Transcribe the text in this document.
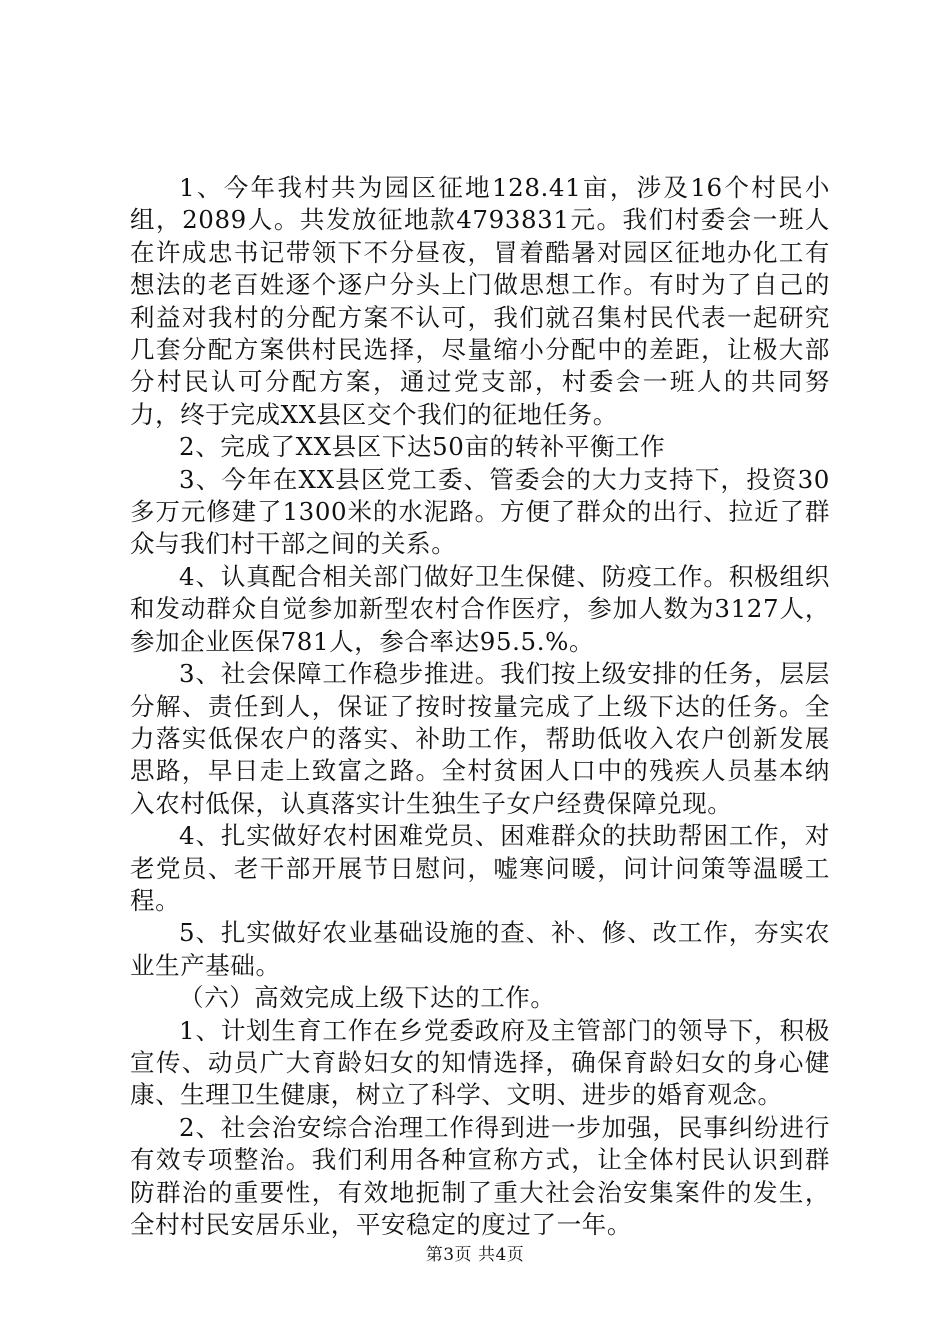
1、今年我村共为园区征地128.41亩，涉及16个村民小组，2089人。共发放征地款4793831元。我们村委会一班人在许成忠书记带领下不分昼夜，冒着酷暑对园区征地办化工有想法的老百姓逐个逐户分头上门做思想工作。有时为了自己的利益对我村的分配方案不认可，我们就召集村民代表一起研究几套分配方案供村民选择，尽量缩小分配中的差距，让极大部分村民认可分配方案，通过党支部，村委会一班人的共同努力，终于完成XX县区交个我们的征地任务。

2、完成了XX县区下达50亩的转补平衡工作

3、今年在XX县区党工委、管委会的大力支持下，投资30多万元修建了1300米的水泥路。方便了群众的出行、拉近了群众与我们村干部之间的关系。

4、认真配合相关部门做好卫生保健、防疫工作。积极组织和发动群众自觉参加新型农村合作医疗，参加人数为3127人，参加企业医保781人，参合率达95.5.%。

3、社会保障工作稳步推进。我们按上级安排的任务，层层分解、责任到人，保证了按时按量完成了上级下达的任务。全力落实低保农户的落实、补助工作，帮助低收入农户创新发展思路，早日走上致富之路。全村贫困人口中的残疾人员基本纳入农村低保，认真落实计生独生子女户经费保障兑现。

4、扎实做好农村困难党员、困难群众的扶助帮困工作，对老党员、老干部开展节日慰问，嘘寒问暖，问计问策等温暖工程。

5、扎实做好农业基础设施的查、补、修、改工作，夯实农业生产基础。

（六）高效完成上级下达的工作。

1、计划生育工作在乡党委政府及主管部门的领导下，积极宣传、动员广大育龄妇女的知情选择，确保育龄妇女的身心健康、生理卫生健康，树立了科学、文明、进步的婚育观念。

2、社会治安综合治理工作得到进一步加强，民事纠纷进行有效专项整治。我们利用各种宣称方式，让全体村民认识到群防群治的重要性，有效地扼制了重大社会治安集案件的发生，全村村民安居乐业，平安稳定的度过了一年。

第3页 共4页
